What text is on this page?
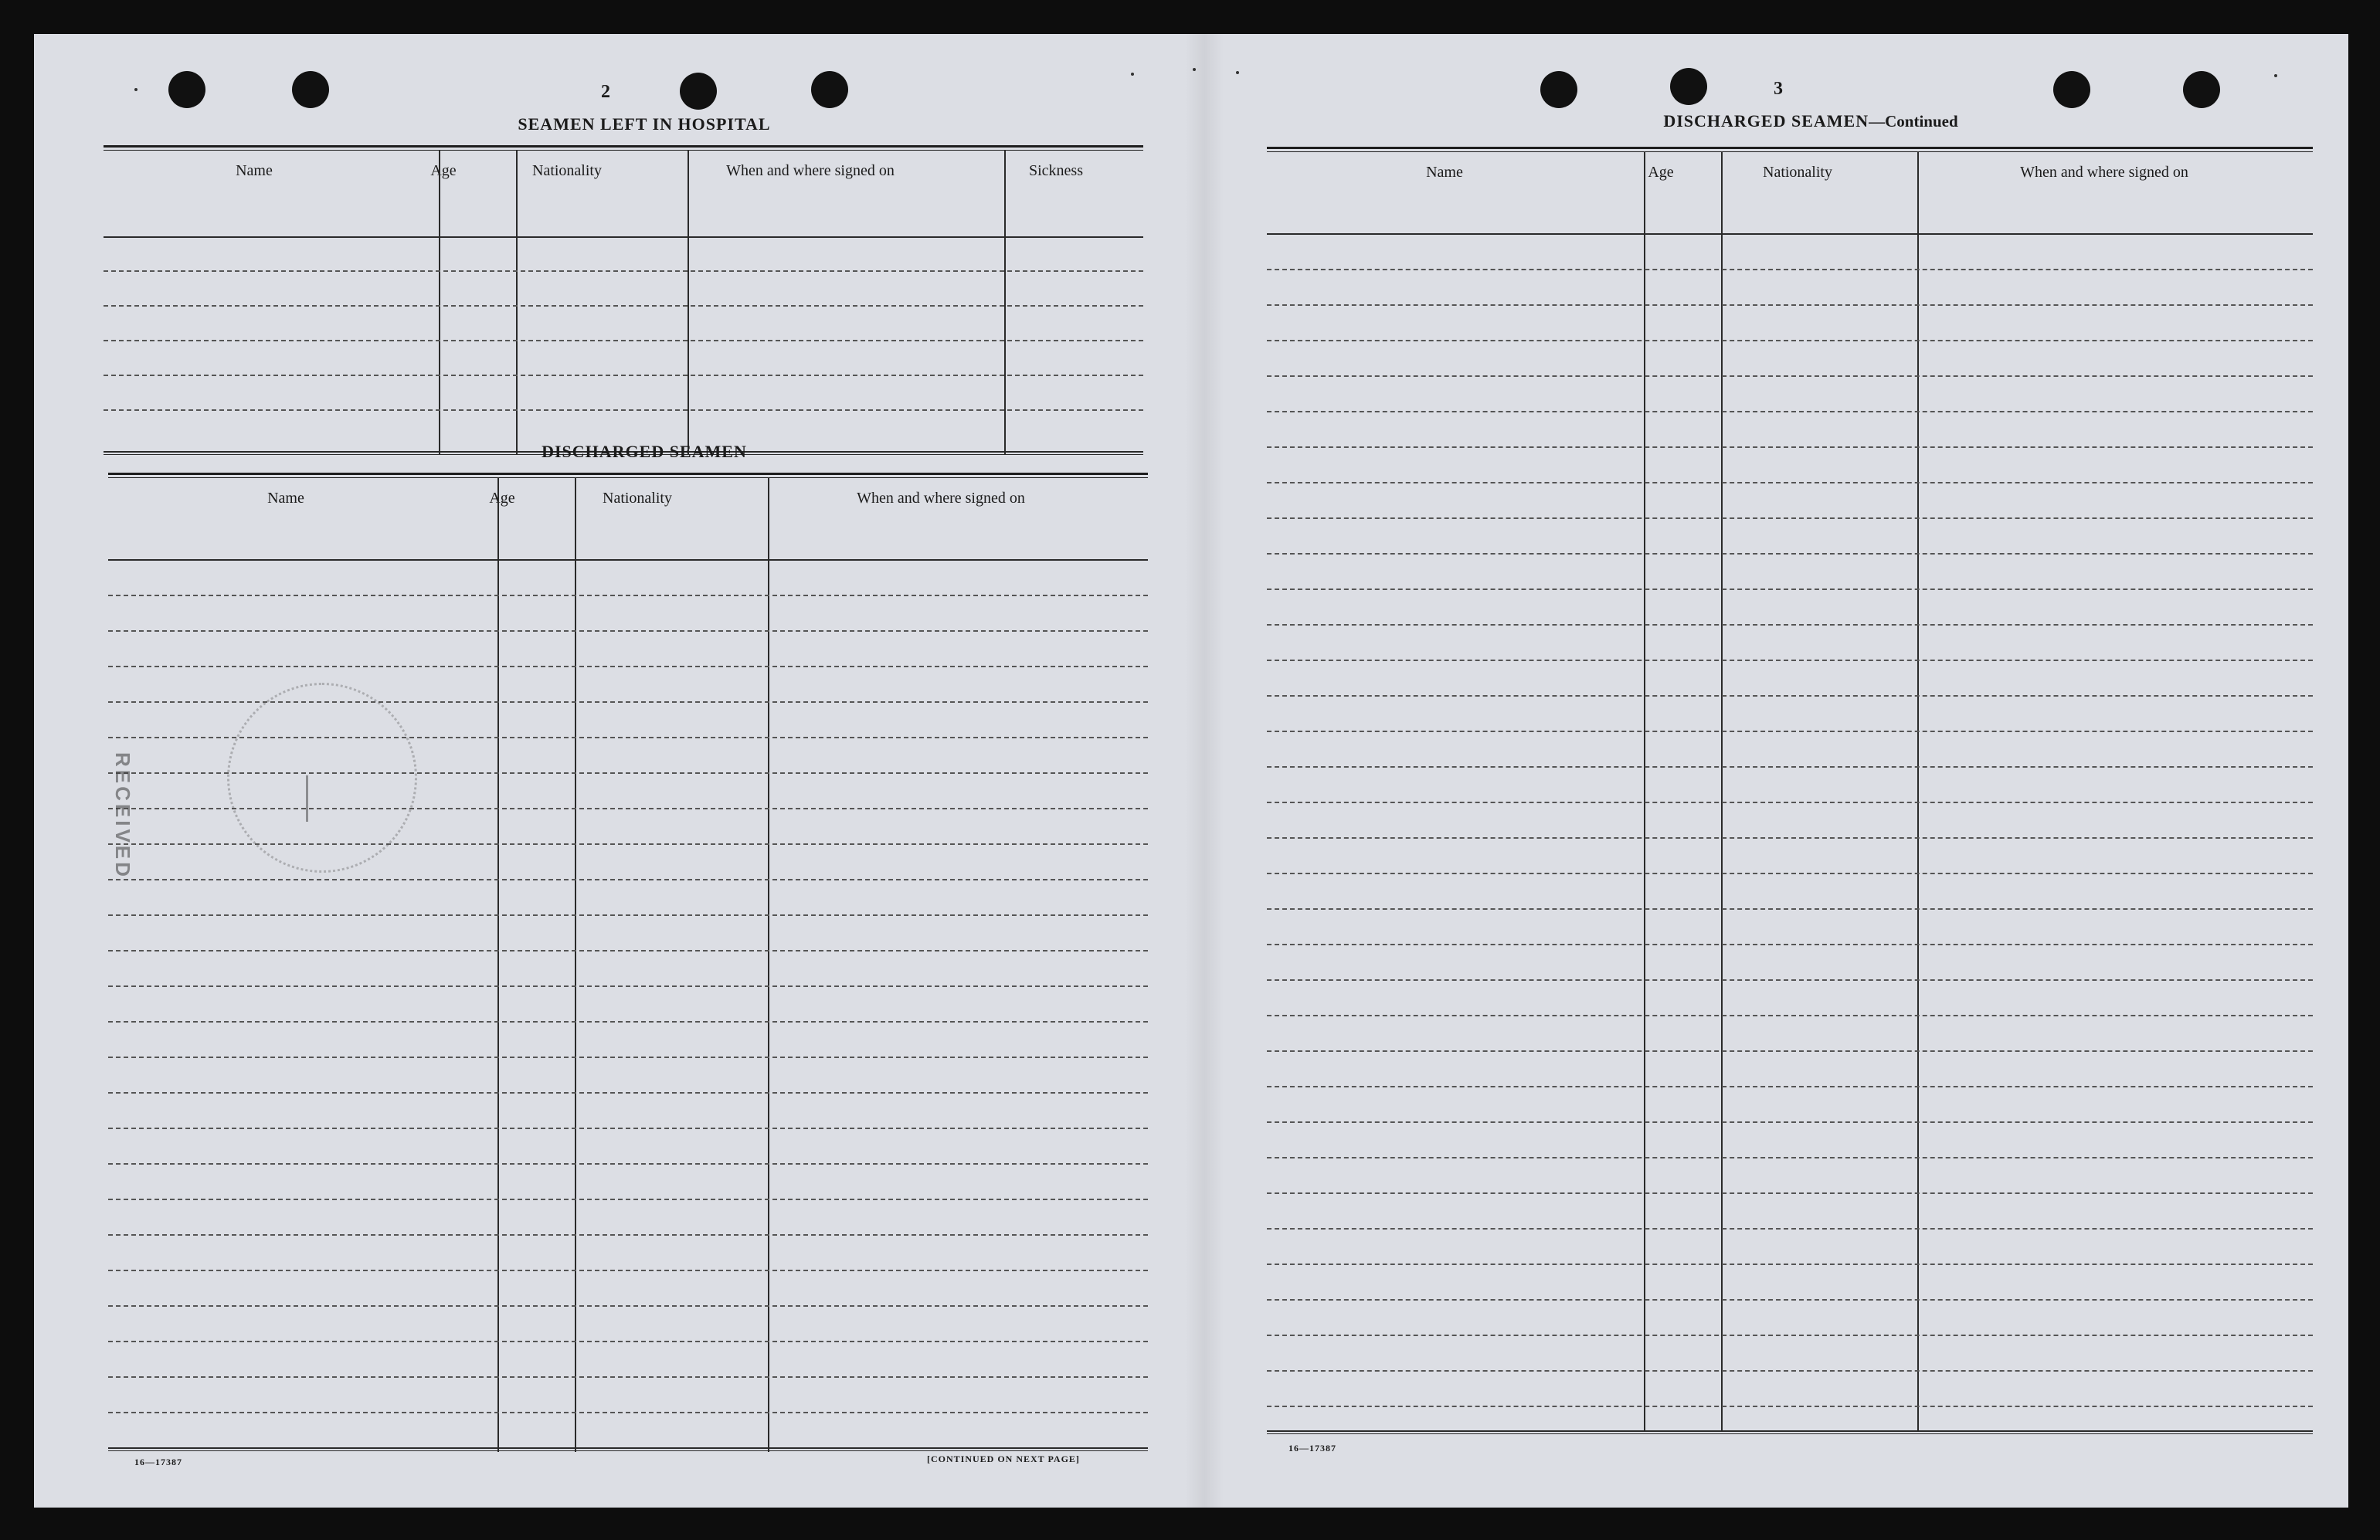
2
SEAMEN LEFT IN HOSPITAL
Name	Age	Nationality	When and where signed on	Sickness
DISCHARGED SEAMEN
Name	Age	Nationality	When and where signed on
RECEIVED
16—17387	[CONTINUED ON NEXT PAGE]
3
DISCHARGED SEAMEN—Continued
Name	Age	Nationality	When and where signed on
16—17387
